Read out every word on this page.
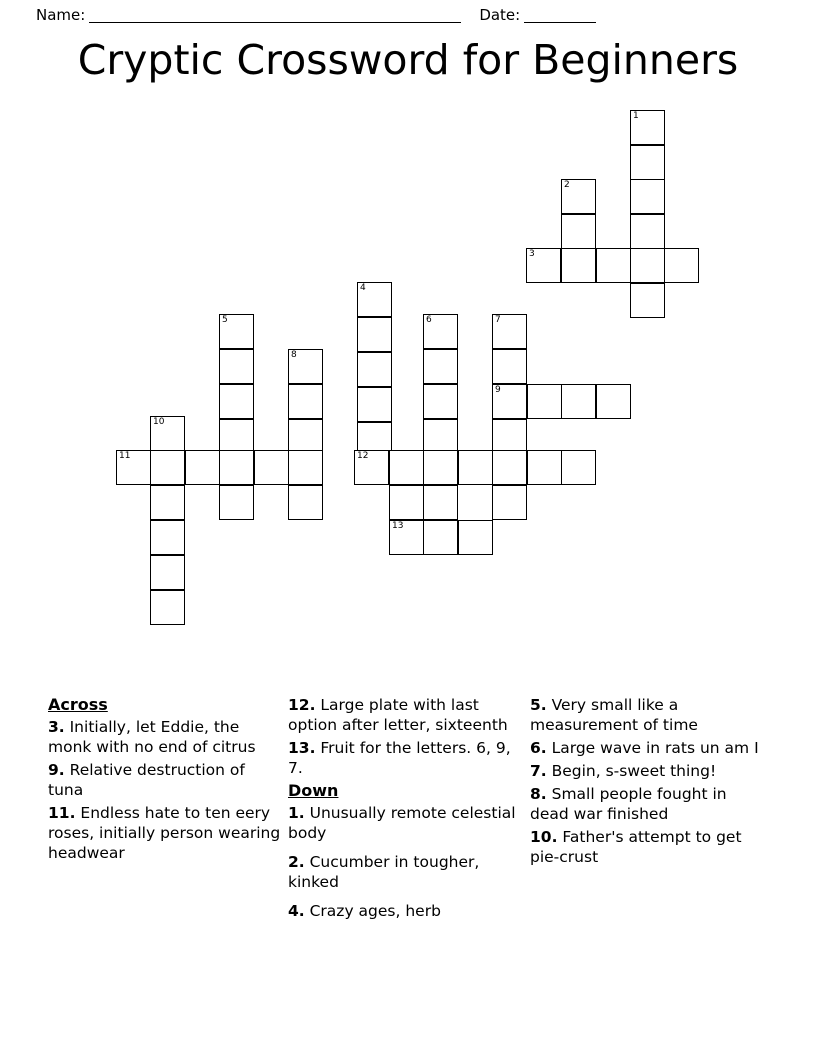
Name:	Date:
Cryptic Crossword for Beginners
1
2
3
4
5	6	7
8
9
10
11	12
13
Across
3. Initially, let Eddie, the monk with no end of citrus
9. Relative destruction of tuna
11. Endless hate to ten eery roses, initially person wearing headwear
12. Large plate with last option after letter, sixteenth
13. Fruit for the letters. 6, 9, 7.
Down
1. Unusually remote celestial body
2. Cucumber in tougher, kinked
4. Crazy ages, herb
5. Very small like a measurement of time
6. Large wave in rats un am I
7. Begin, s-sweet thing!
8. Small people fought in dead war finished
10. Father's attempt to get pie-crust
